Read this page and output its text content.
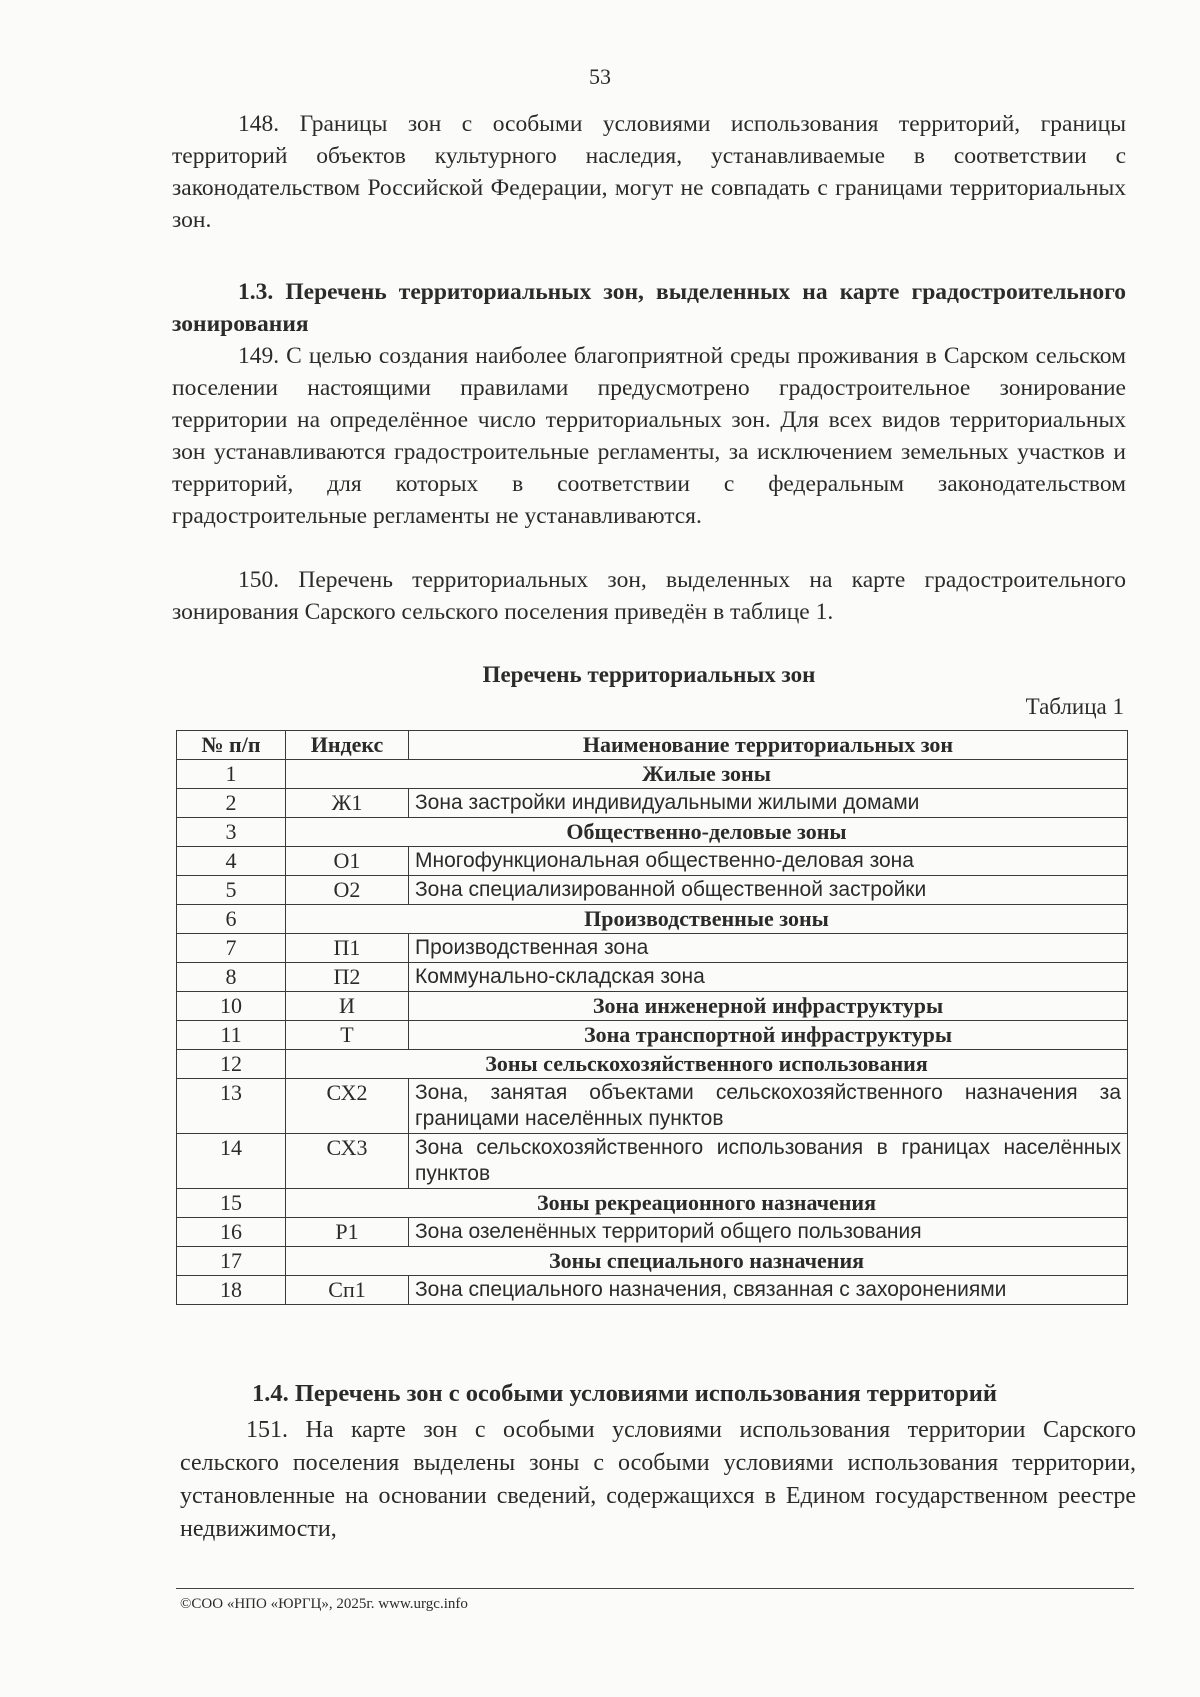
53

148. Границы зон с особыми условиями использования территорий, границы территорий объектов культурного наследия, устанавливаемые в соответствии с законодательством Российской Федерации, могут не совпадать с границами территориальных зон.

1.3. Перечень территориальных зон, выделенных на карте градостроительного зонирования

149. С целью создания наиболее благоприятной среды проживания в Сарском сельском поселении настоящими правилами предусмотрено градостроительное зонирование территории на определённое число территориальных зон. Для всех видов территориальных зон устанавливаются градостроительные регламенты, за исключением земельных участков и территорий, для которых в соответствии с федеральным законодательством градостроительные регламенты не устанавливаются.

150. Перечень территориальных зон, выделенных на карте градостроительного зонирования Сарского сельского поселения приведён в таблице 1.

Перечень территориальных зон
Таблица 1
№ п/п	Индекс	Наименование территориальных зон
1	Жилые зоны	
2	Ж1	Зона застройки индивидуальными жилыми домами
3	Общественно-деловые зоны	
4	О1	Многофункциональная общественно-деловая зона
5	О2	Зона специализированной общественной застройки
6	Производственные зоны	
7	П1	Производственная зона
8	П2	Коммунально-складская зона
10	И	Зона инженерной инфраструктуры
11	Т	Зона транспортной инфраструктуры
12	Зоны сельскохозяйственного использования	
13	СХ2	Зона, занятая объектами сельскохозяйственного назначения за границами населённых пунктов
14	СХ3	Зона сельскохозяйственного использования в границах населённых пунктов
15	Зоны рекреационного назначения	
16	Р1	Зона озеленённых территорий общего пользования
17	Зоны специального назначения	
18	Сп1	Зона специального назначения, связанная с захоронениями

1.4. Перечень зон с особыми условиями использования территорий

151. На карте зон с особыми условиями использования территории Сарского сельского поселения выделены зоны с особыми условиями использования территории, установленные на основании сведений, содержащихся в Едином государственном реестре недвижимости,

©СОО «НПО «ЮРГЦ», 2025г. www.urgc.info
